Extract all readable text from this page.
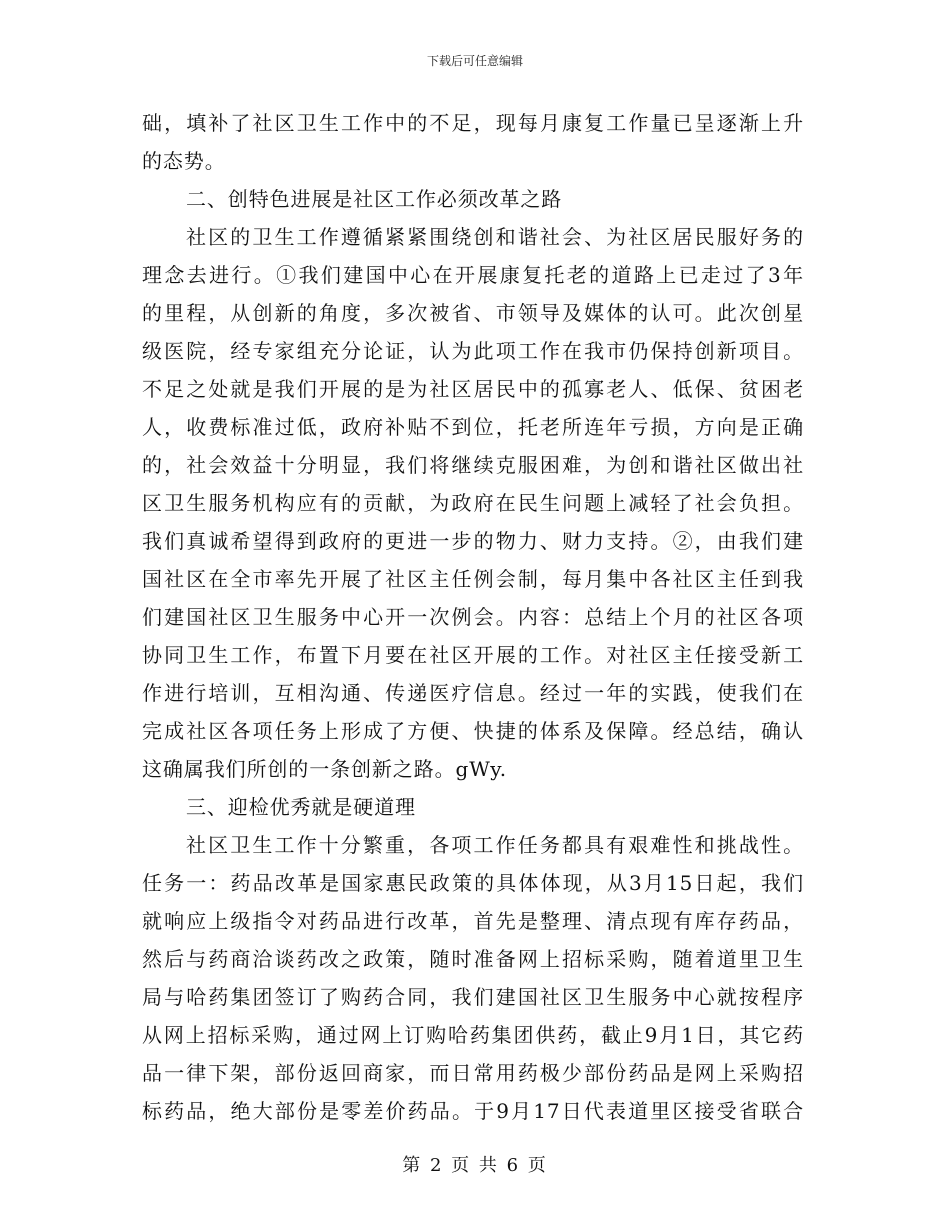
下载后可任意编辑
础，填补了社区卫生工作中的不足，现每月康复工作量已呈逐渐上升
的态势。
二、创特色进展是社区工作必须改革之路
社区的卫生工作遵循紧紧围绕创和谐社会、为社区居民服好务的
理念去进行。①我们建国中心在开展康复托老的道路上已走过了3年
的里程，从创新的角度，多次被省、市领导及媒体的认可。此次创星
级医院，经专家组充分论证，认为此项工作在我市仍保持创新项目。
不足之处就是我们开展的是为社区居民中的孤寡老人、低保、贫困老
人，收费标准过低，政府补贴不到位，托老所连年亏损，方向是正确
的，社会效益十分明显，我们将继续克服困难，为创和谐社区做出社
区卫生服务机构应有的贡献，为政府在民生问题上减轻了社会负担。
我们真诚希望得到政府的更进一步的物力、财力支持。②，由我们建
国社区在全市率先开展了社区主任例会制，每月集中各社区主任到我
们建国社区卫生服务中心开一次例会。内容：总结上个月的社区各项
协同卫生工作，布置下月要在社区开展的工作。对社区主任接受新工
作进行培训，互相沟通、传递医疗信息。经过一年的实践，使我们在
完成社区各项任务上形成了方便、快捷的体系及保障。经总结，确认
这确属我们所创的一条创新之路。gWy.
三、迎检优秀就是硬道理
社区卫生工作十分繁重，各项工作任务都具有艰难性和挑战性。
任务一：药品改革是国家惠民政策的具体体现，从3月15日起，我们
就响应上级指令对药品进行改革，首先是整理、清点现有库存药品，
然后与药商洽谈药改之政策，随时准备网上招标采购，随着道里卫生
局与哈药集团签订了购药合同，我们建国社区卫生服务中心就按程序
从网上招标采购，通过网上订购哈药集团供药，截止9月1日，其它药
品一律下架，部份返回商家，而日常用药极少部份药品是网上采购招
标药品，绝大部份是零差价药品。于9月17日代表道里区接受省联合
第 2 页 共 6 页
